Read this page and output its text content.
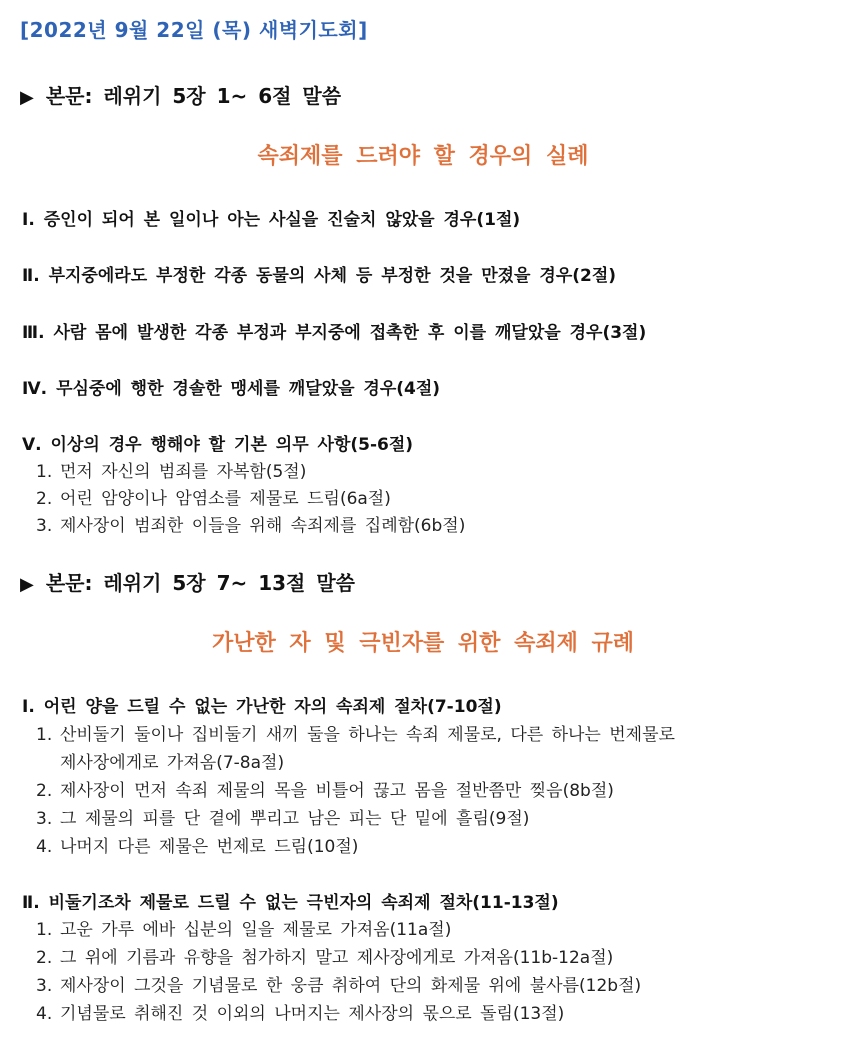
[2022년 9월 22일 (목) 새벽기도회]
▶ 본문: 레위기 5장 1~ 6절 말씀
속죄제를 드려야 할 경우의 실례
Ⅰ. 증인이 되어 본 일이나 아는 사실을 진술치 않았을 경우(1절)
Ⅱ. 부지중에라도 부정한 각종 동물의 사체 등 부정한 것을 만졌을 경우(2절)
Ⅲ. 사람 몸에 발생한 각종 부정과 부지중에 접촉한 후 이를 깨달았을 경우(3절)
Ⅳ. 무심중에 행한 경솔한 맹세를 깨달았을 경우(4절)
Ⅴ. 이상의 경우 행해야 할 기본 의무 사항(5-6절)
1. 먼저 자신의 범죄를 자복함(5절)
2. 어린 암양이나 암염소를 제물로 드림(6a절)
3. 제사장이 범죄한 이들을 위해 속죄제를 집례함(6b절)
▶ 본문: 레위기 5장 7~ 13절 말씀
가난한 자 및 극빈자를 위한 속죄제 규례
Ⅰ. 어린 양을 드릴 수 없는 가난한 자의 속죄제 절차(7-10절)
1. 산비둘기 둘이나 집비둘기 새끼 둘을 하나는 속죄 제물로, 다른 하나는 번제물로
제사장에게로 가져옴(7-8a절)
2. 제사장이 먼저 속죄 제물의 목을 비틀어 끊고 몸을 절반쯤만 찢음(8b절)
3. 그 제물의 피를 단 곁에 뿌리고 남은 피는 단 밑에 흘림(9절)
4. 나머지 다른 제물은 번제로 드림(10절)
Ⅱ. 비둘기조차 제물로 드릴 수 없는 극빈자의 속죄제 절차(11-13절)
1. 고운 가루 에바 십분의 일을 제물로 가져옴(11a절)
2. 그 위에 기름과 유향을 첨가하지 말고 제사장에게로 가져옴(11b-12a절)
3. 제사장이 그것을 기념물로 한 웅큼 취하여 단의 화제물 위에 불사름(12b절)
4. 기념물로 취해진 것 이외의 나머지는 제사장의 몫으로 돌림(13절)
